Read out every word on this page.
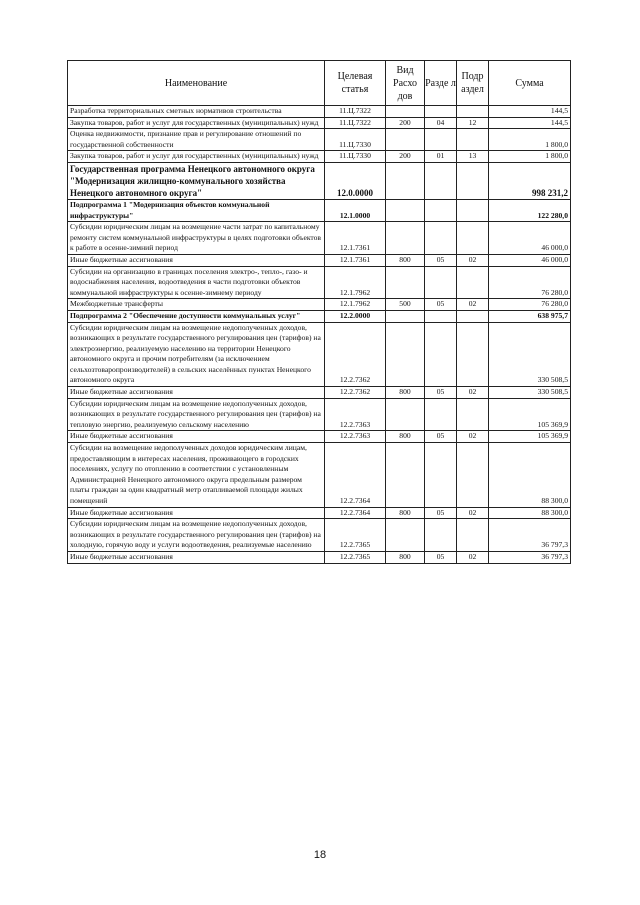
Наименование	Целевая статья	Вид Расхо дов	Разде л	Подр аздел	Сумма
Разработка территориальных сметных нормативов строительства	11.Ц.7322				144,5
Закупка товаров, работ и услуг для государственных (муниципальных) нужд	11.Ц.7322	200	04	12	144,5
Оценка недвижимости, признание прав и регулирование отношений по государственной собственности	11.Ц.7330				1 800,0
Закупка товаров, работ и услуг для государственных (муниципальных) нужд	11.Ц.7330	200	01	13	1 800,0
Государственная программа Ненецкого автономного округа "Модернизация жилищно-коммунального хозяйства Ненецкого автономного округа"	12.0.0000				998 231,2
Подпрограмма 1 "Модернизация объектов коммунальной инфраструктуры"	12.1.0000				122 280,0
Субсидии юридическим лицам на возмещение части затрат по капитальному ремонту систем коммунальной инфраструктуры в целях подготовки объектов к работе в осенне-зимний период	12.1.7361				46 000,0
Иные бюджетные ассигнования	12.1.7361	800	05	02	46 000,0
Субсидии на организацию в границах поселения электро-, тепло-, газо- и водоснабжения населения, водоотведения в части подготовки объектов коммунальной инфраструктуры к осенне-зимнему периоду	12.1.7962				76 280,0
Межбюджетные трансферты	12.1.7962	500	05	02	76 280,0
Подпрограмма 2 "Обеспечение доступности коммунальных услуг"	12.2.0000				638 975,7
Субсидии юридическим лицам на возмещение недополученных доходов, возникающих в результате государственного регулирования цен (тарифов) на электроэнергию, реализуемую населению на территории Ненецкого автономного округа и прочим потребителям (за исключением сельхозтоваропроизводителей) в сельских населённых пунктах Ненецкого автономного округа	12.2.7362				330 508,5
Иные бюджетные ассигнования	12.2.7362	800	05	02	330 508,5
Субсидии юридическим лицам на возмещение недополученных доходов, возникающих в результате государственного регулирования цен (тарифов) на тепловую энергию, реализуемую сельскому населению	12.2.7363				105 369,9
Иные бюджетные ассигнования	12.2.7363	800	05	02	105 369,9
Субсидии на возмещение недополученных доходов юридическим лицам, предоставляющим в интересах населения, проживающего в городских поселениях, услугу по отоплению в соответствии с установленным Администрацией Ненецкого автономного округа предельным размером платы граждан за один квадратный метр отапливаемой площади жилых помещений	12.2.7364				88 300,0
Иные бюджетные ассигнования	12.2.7364	800	05	02	88 300,0
Субсидии юридическим лицам на возмещение недополученных доходов, возникающих в результате государственного регулирования цен (тарифов) на холодную, горячую воду и услуги водоотведения, реализуемые населению	12.2.7365				36 797,3
Иные бюджетные ассигнования	12.2.7365	800	05	02	36 797,3
18
